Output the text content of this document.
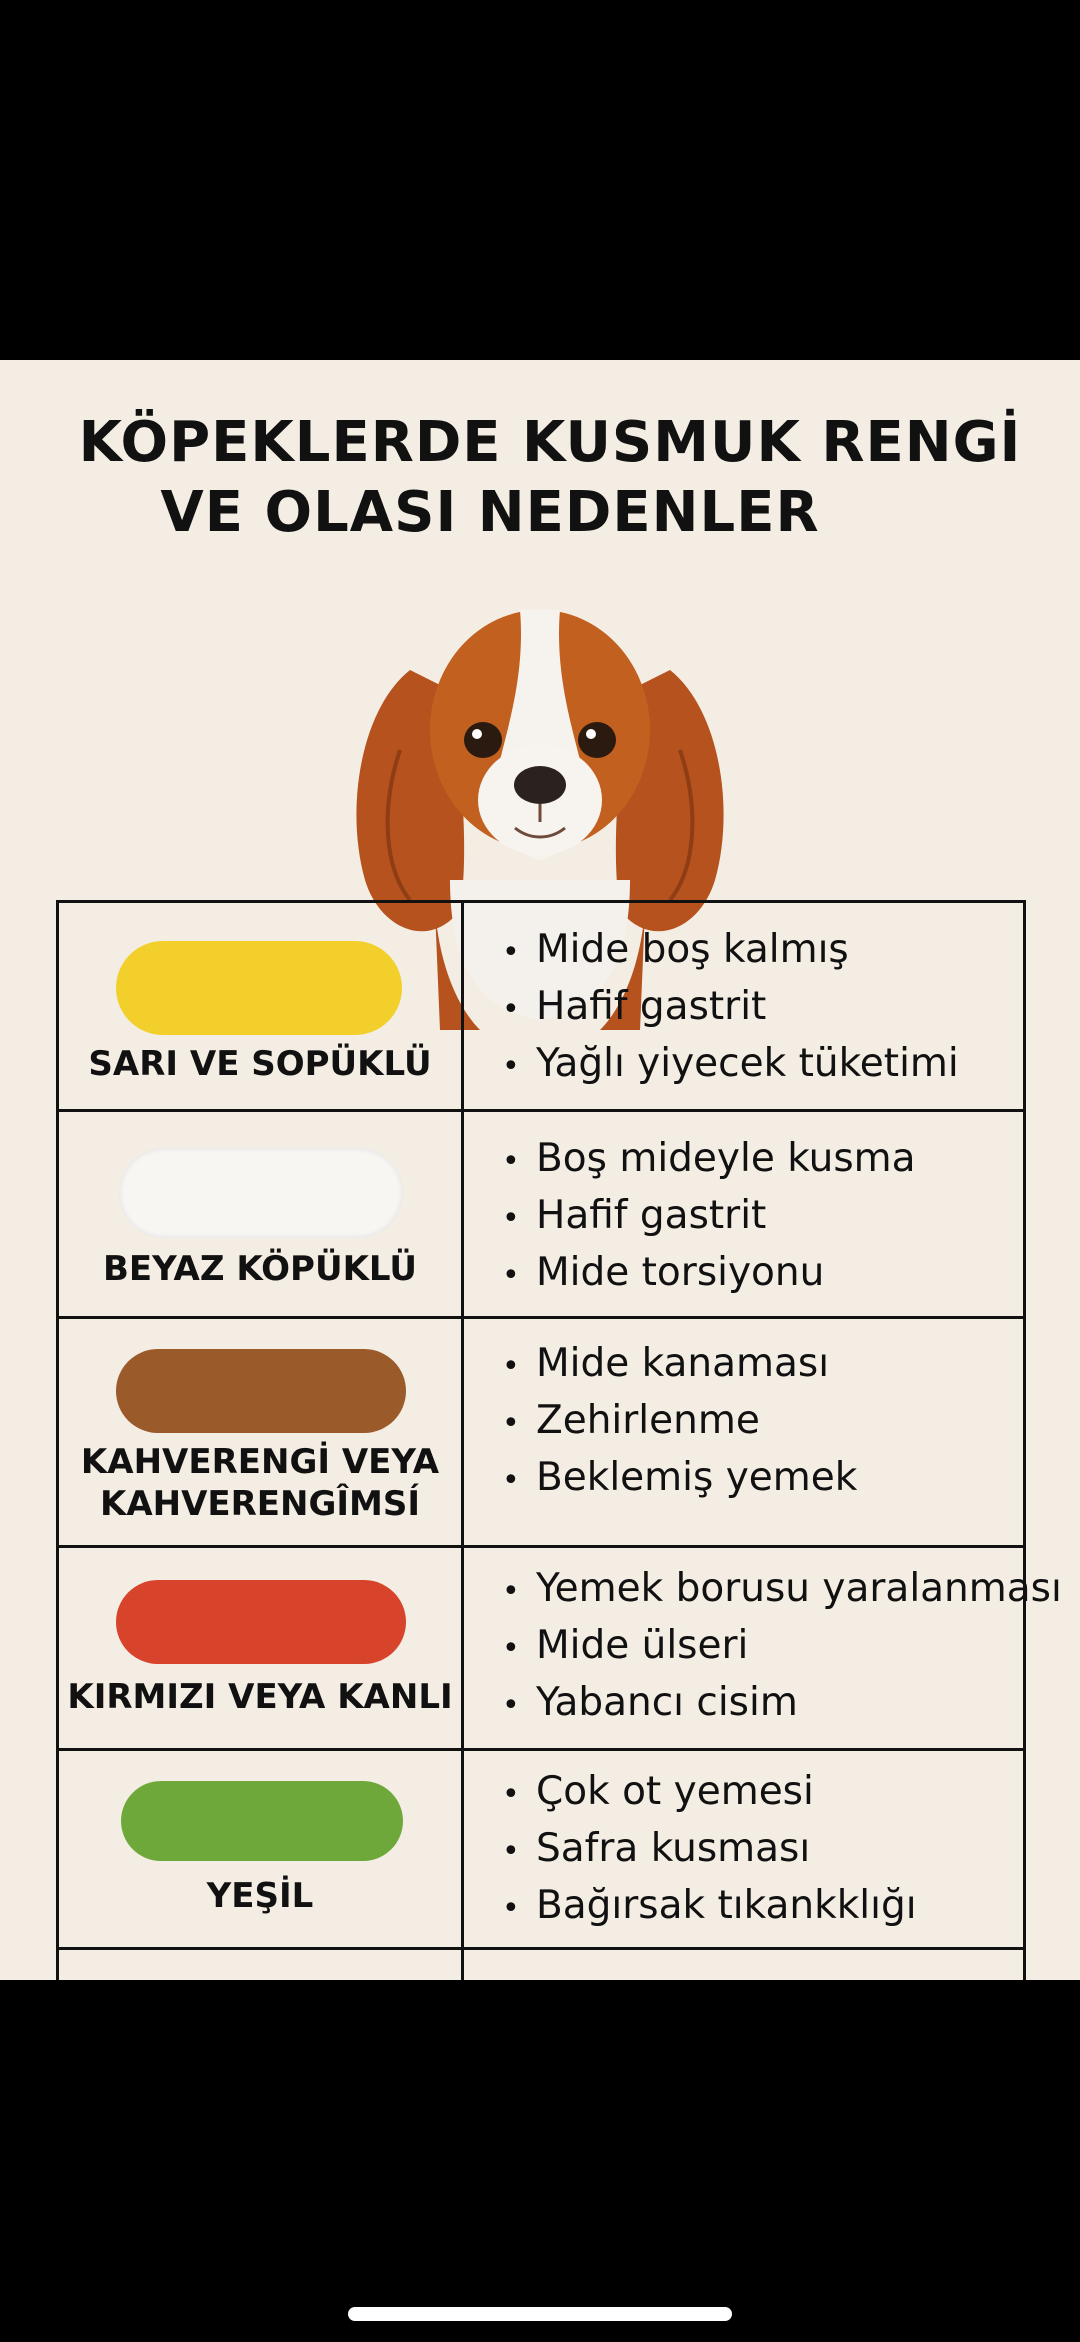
KÖPEKLERDE KUSMUK RENGİ
VE OLASI NEDENLER
SARI VE SOPÜKLÜ
• Mide boş kalmış
• Hafif gastrit
• Yağlı yiyecek tüketimi
BEYAZ KÖPÜKLÜ
• Boş mideyle kusma
• Hafif gastrit
• Mide torsiyonu
KAHVERENGİ VEYA
KAHVERENGÎMSÍ
• Mide kanaması
• Zehirlenme
• Beklemiş yemek
KIRMIZI VEYA KANLI
• Yemek borusu yaralanması
• Mide ülseri
• Yabancı cisim
YEŞİL
• Çok ot yemesi
• Safra kusması
• Bağırsak tıkankklığı
